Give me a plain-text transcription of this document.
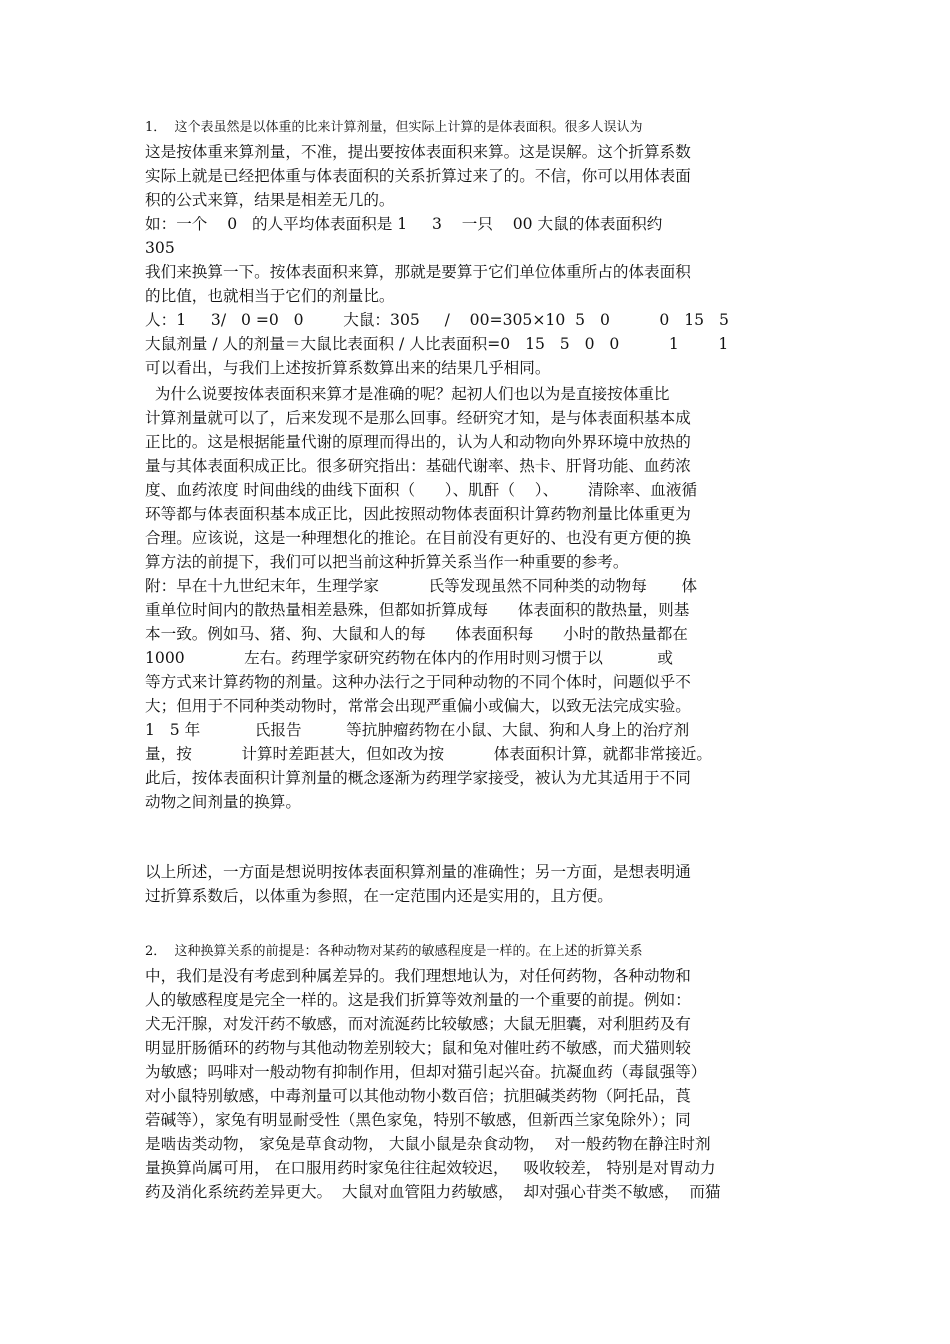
1．  这个表虽然是以体重的比来计算剂量，但实际上计算的是体表面积。很多人误认为

这是按体重来算剂量，不准，提出要按体表面积来算。这是误解。这个折算系数

实际上就是已经把体重与体表面积的关系折算过来了的。不信，你可以用体表面

积的公式来算，结果是相差无几的。

如：一个    0   的人平均体表面积是 1     3    一只    00 大鼠的体表面积约

305

我们来换算一下。按体表面积来算，那就是要算于它们单位体重所占的体表面积

的比值，也就相当于它们的剂量比。

人：1     3/   0 =0   0        大鼠：305     /    00=305×10  5   0          0   15   5

大鼠剂量 / 人的剂量＝大鼠比表面积 / 人比表面积=0   15   5   0   0          1        1

可以看出，与我们上述按折算系数算出来的结果几乎相同。

为什么说要按体表面积来算才是准确的呢？起初人们也以为是直接按体重比

计算剂量就可以了，后来发现不是那么回事。经研究才知，是与体表面积基本成

正比的。这是根据能量代谢的原理而得出的，认为人和动物向外界环境中放热的

量与其体表面积成正比。很多研究指出：基础代谢率、热卡、肝肾功能、血药浓

度、血药浓度 时间曲线的曲线下面积（      ）、肌酐（    ）、      清除率、血液循

环等都与体表面积基本成正比，因此按照动物体表面积计算药物剂量比体重更为

合理。应该说，这是一种理想化的推论。在目前没有更好的、也没有更方便的换

算方法的前提下，我们可以把当前这种折算关系当作一种重要的参考。

附：早在十九世纪末年，生理学家          氏等发现虽然不同种类的动物每       体

重单位时间内的散热量相差悬殊，但都如折算成每      体表面积的散热量，则基

本一致。例如马、猪、狗、大鼠和人的每      体表面积每      小时的散热量都在

1000            左右。药理学家研究药物在体内的作用时则习惯于以           或

等方式来计算药物的剂量。这种办法行之于同种动物的不同个体时，问题似乎不

大；但用于不同种类动物时，常常会出现严重偏小或偏大，以致无法完成实验。

1   5 年           氏报告         等抗肿瘤药物在小鼠、大鼠、狗和人身上的治疗剂

量，按          计算时差距甚大，但如改为按          体表面积计算，就都非常接近。

此后，按体表面积计算剂量的概念逐渐为药理学家接受，被认为尤其适用于不同

动物之间剂量的换算。

以上所述，一方面是想说明按体表面积算剂量的准确性；另一方面，是想表明通

过折算系数后，以体重为参照，在一定范围内还是实用的，且方便。

2．  这种换算关系的前提是：各种动物对某药的敏感程度是一样的。在上述的折算关系

中，我们是没有考虑到种属差异的。我们理想地认为，对任何药物，各种动物和

人的敏感程度是完全一样的。这是我们折算等效剂量的一个重要的前提。例如：

犬无汗腺，对发汗药不敏感，而对流涎药比较敏感；大鼠无胆囊，对利胆药及有

明显肝肠循环的药物与其他动物差别较大；鼠和兔对催吐药不敏感，而犬猫则较

为敏感；吗啡对一般动物有抑制作用，但却对猫引起兴奋。抗凝血药（毒鼠强等）

对小鼠特别敏感，中毒剂量可以其他动物小数百倍；抗胆碱类药物（阿托品，莨

菪碱等），家兔有明显耐受性（黑色家兔，特别不敏感，但新西兰家兔除外）；同

是啮齿类动物， 家兔是草食动物， 大鼠小鼠是杂食动物，  对一般药物在静注时剂

量换算尚属可用， 在口服用药时家兔往往起效较迟，   吸收较差， 特别是对胃动力

药及消化系统药差异更大。  大鼠对血管阻力药敏感，  却对强心苷类不敏感，  而猫
